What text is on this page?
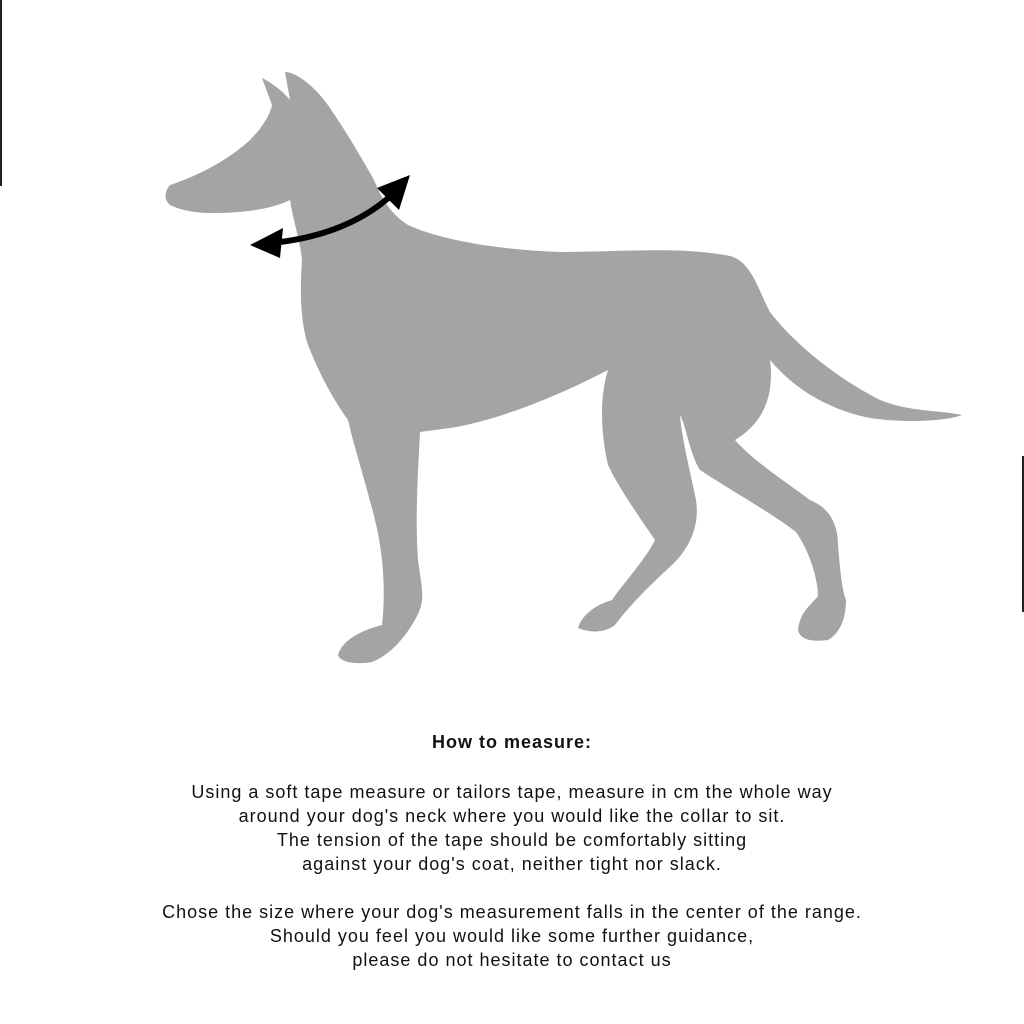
How to measure:

Using a soft tape measure or tailors tape, measure in cm the whole way
around your dog's neck where you would like the collar to sit.
The tension of the tape should be comfortably sitting
against your dog's coat, neither tight nor slack.

Chose the size where your dog's measurement falls in the center of the range.
Should you feel you would like some further guidance,
please do not hesitate to contact us
